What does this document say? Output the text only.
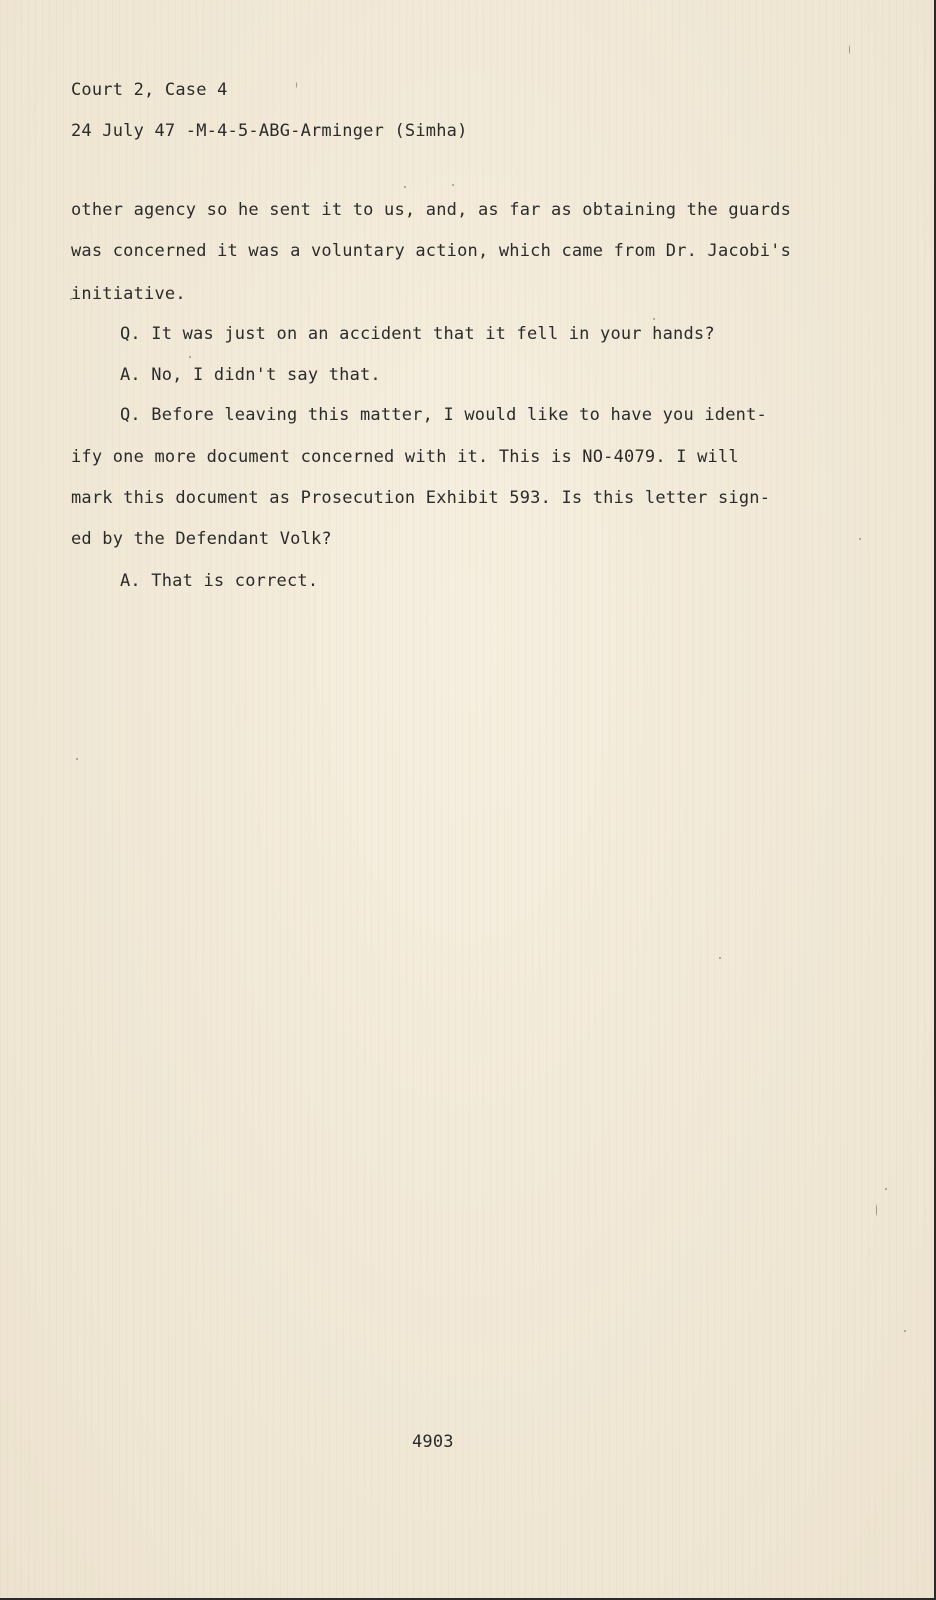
Court 2, Case 4
24 July 47 -M-4-5-ABG-Arminger (Simha)
other agency so he sent it to us, and, as far as obtaining the guards
was concerned it was a voluntary action, which came from Dr. Jacobi's
initiative.
Q. It was just on an accident that it fell in your hands?
A. No, I didn't say that.
Q. Before leaving this matter, I would like to have you ident-
ify one more document concerned with it. This is NO-4079. I will
mark this document as Prosecution Exhibit 593. Is this letter sign-
ed by the Defendant Volk?
A. That is correct.
4903
